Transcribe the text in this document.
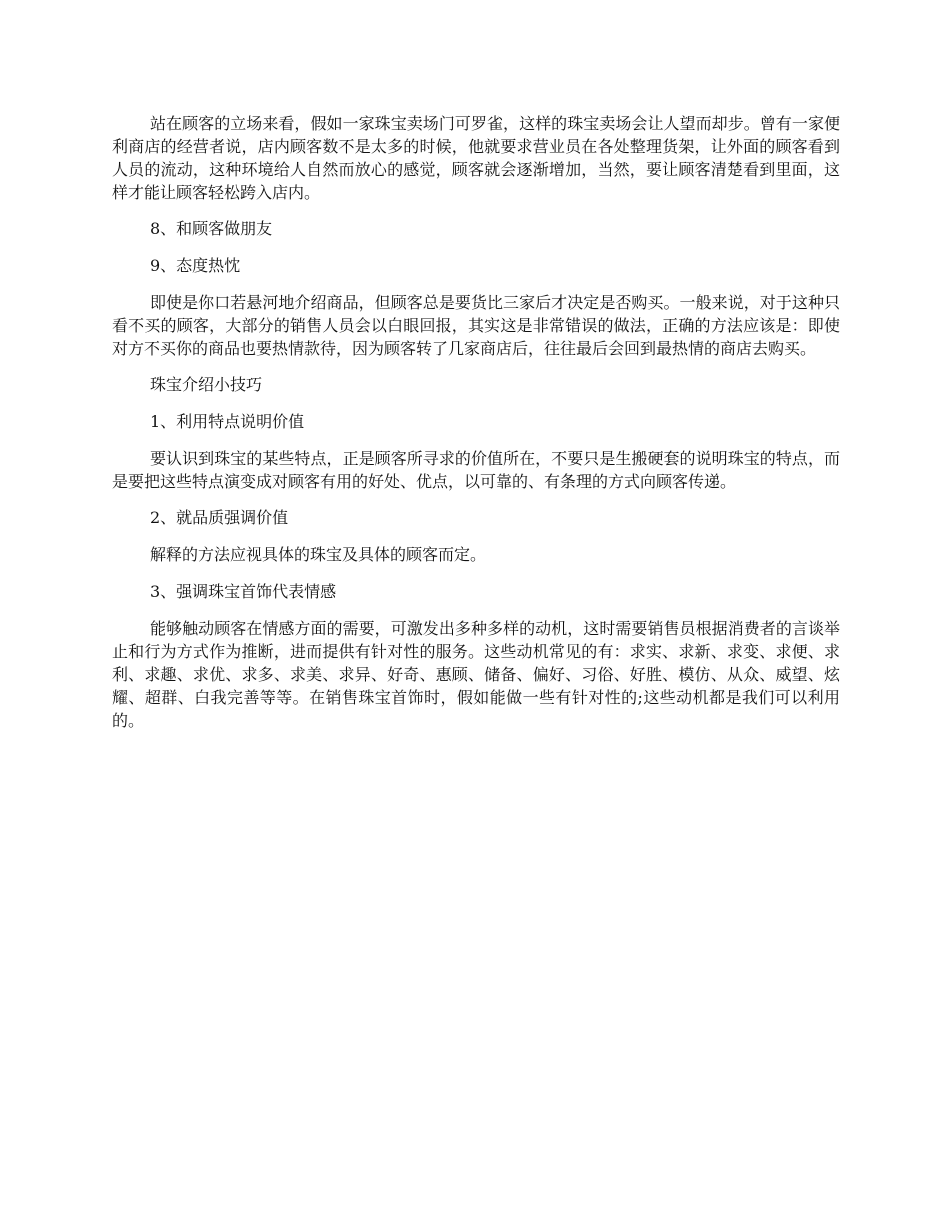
站在顾客的立场来看，假如一家珠宝卖场门可罗雀，这样的珠宝卖场会让人望而却步。曾有一家便利商店的经营者说，店内顾客数不是太多的时候，他就要求营业员在各处整理货架，让外面的顾客看到人员的流动，这种环境给人自然而放心的感觉，顾客就会逐渐增加，当然，要让顾客清楚看到里面，这样才能让顾客轻松跨入店内。

8、和顾客做朋友

9、态度热忱

即使是你口若悬河地介绍商品，但顾客总是要货比三家后才决定是否购买。一般来说，对于这种只看不买的顾客，大部分的销售人员会以白眼回报，其实这是非常错误的做法，正确的方法应该是：即使对方不买你的商品也要热情款待，因为顾客转了几家商店后，往往最后会回到最热情的商店去购买。

珠宝介绍小技巧

1、利用特点说明价值

要认识到珠宝的某些特点，正是顾客所寻求的价值所在，不要只是生搬硬套的说明珠宝的特点，而是要把这些特点演变成对顾客有用的好处、优点，以可靠的、有条理的方式向顾客传递。

2、就品质强调价值

解释的方法应视具体的珠宝及具体的顾客而定。

3、强调珠宝首饰代表情感

能够触动顾客在情感方面的需要，可激发出多种多样的动机，这时需要销售员根据消费者的言谈举止和行为方式作为推断，进而提供有针对性的服务。这些动机常见的有：求实、求新、求变、求便、求利、求趣、求优、求多、求美、求异、好奇、惠顾、储备、偏好、习俗、好胜、模仿、从众、威望、炫耀、超群、白我完善等等。在销售珠宝首饰时，假如能做一些有针对性的;这些动机都是我们可以利用的。
